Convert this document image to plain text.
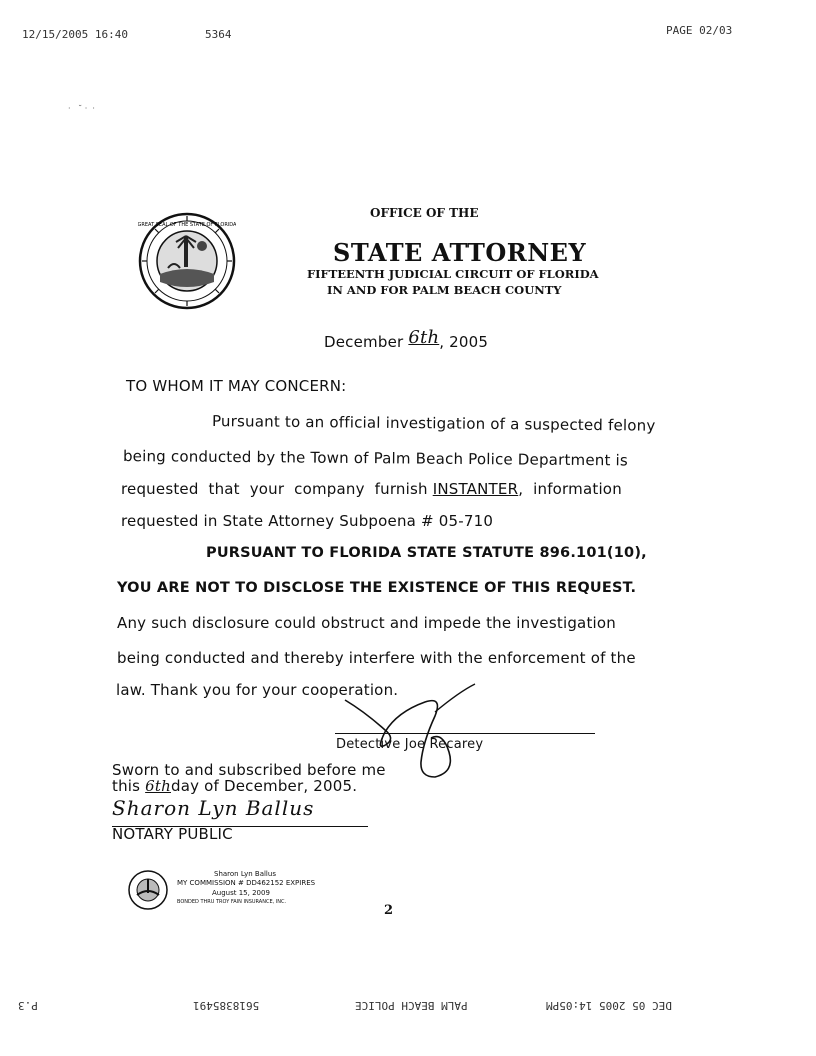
12/15/2005 16:40	5364	PAGE 02/03
·   ˘ ·  ·
GREAT SEAL OF THE STATE OF FLORIDA
OFFICE OF THE
STATE ATTORNEY
FIFTEENTH JUDICIAL CIRCUIT OF FLORIDA
IN AND FOR PALM BEACH COUNTY
December 6th, 2005
TO WHOM IT MAY CONCERN:
Pursuant to an official investigation of a suspected felony
being conducted by the Town of Palm Beach Police Department is
requested  that  your  company  furnish INSTANTER,  information
requested in State Attorney Subpoena # 05-710
PURSUANT TO FLORIDA STATE STATUTE 896.101(10),
YOU ARE NOT TO DISCLOSE THE EXISTENCE OF THIS REQUEST.
Any such disclosure could obstruct and impede the investigation
being conducted and thereby interfere with the enforcement of the
law. Thank you for your cooperation.
Detective Joe Recarey
Sworn to and subscribed before me
this 6thday of December, 2005.
Sharon Lyn Ballus
NOTARY PUBLIC
Sharon Lyn Ballus
MY COMMISSION # DD462152 EXPIRES
August 15, 2009
BONDED THRU TROY FAIN INSURANCE, INC.
2
P.3	5618385491	PALM BEACH POLICE	DEC 05 2005 14:05PM
